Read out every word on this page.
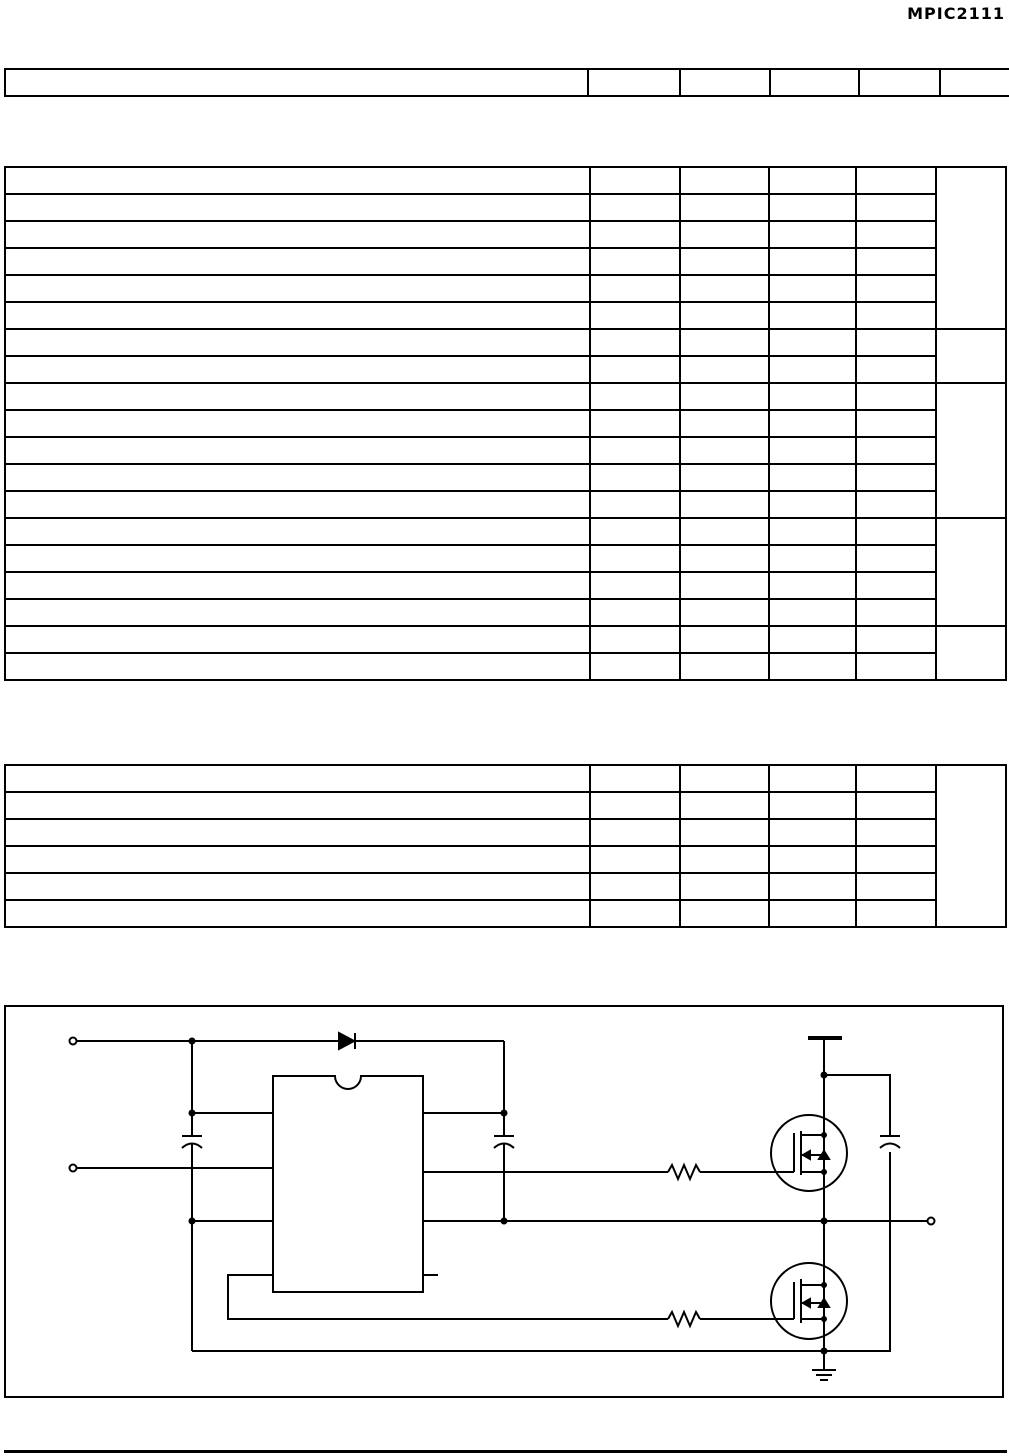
MPIC2111
